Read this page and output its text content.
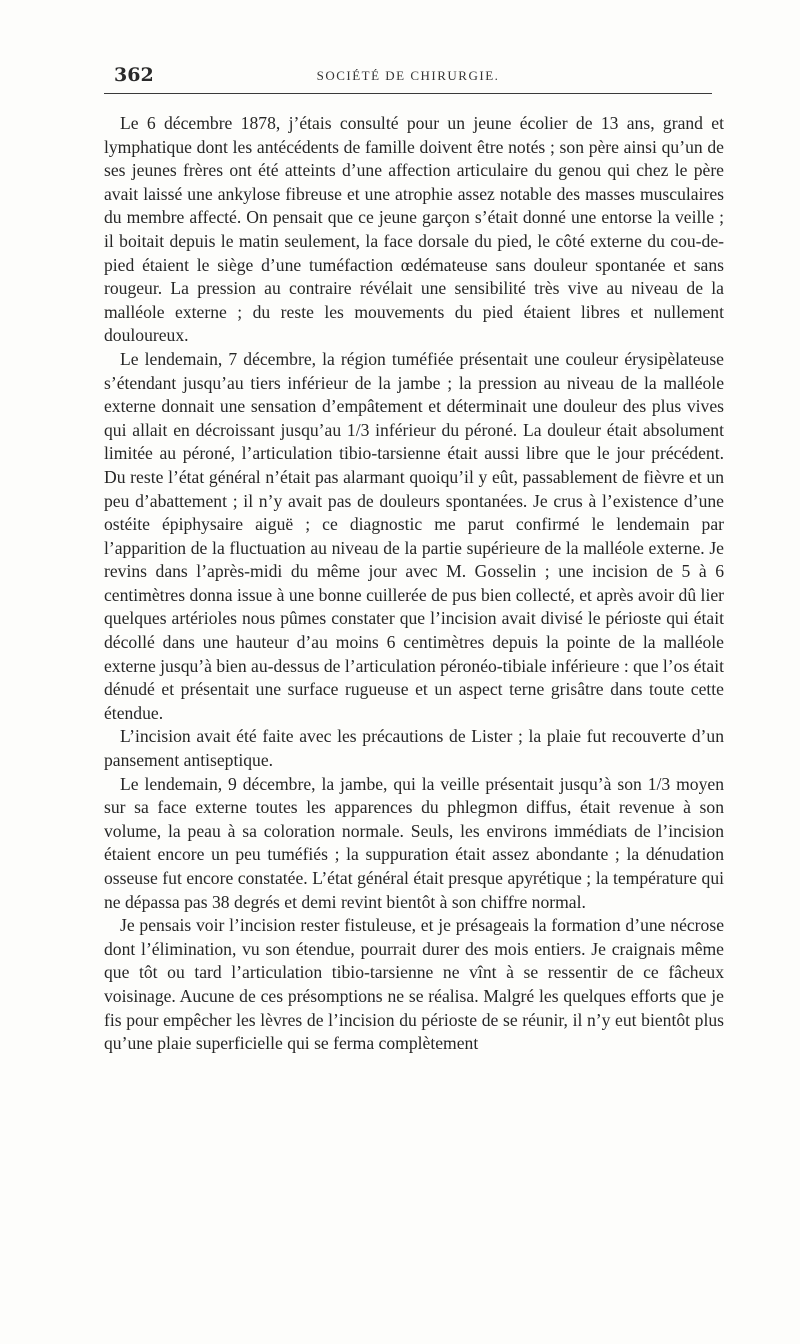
362	SOCIÉTÉ DE CHIRURGIE.

Le 6 décembre 1878, j’étais consulté pour un jeune écolier de 13 ans, grand et lymphatique dont les antécédents de famille doivent être notés ; son père ainsi qu’un de ses jeunes frères ont été atteints d’une affection articulaire du genou qui chez le père avait laissé une ankylose fibreuse et une atrophie assez notable des masses musculaires du membre affecté. On pensait que ce jeune garçon s’était donné une entorse la veille ; il boitait depuis le matin seulement, la face dorsale du pied, le côté externe du cou-de-pied étaient le siège d’une tuméfaction œdémateuse sans douleur spontanée et sans rougeur. La pression au contraire révélait une sensibilité très vive au niveau de la malléole externe ; du reste les mouvements du pied étaient libres et nullement douloureux.

Le lendemain, 7 décembre, la région tuméfiée présentait une couleur érysipèlateuse s’étendant jusqu’au tiers inférieur de la jambe ; la pression au niveau de la malléole externe donnait une sensation d’empâtement et déterminait une douleur des plus vives qui allait en décroissant jusqu’au 1/3 inférieur du péroné. La douleur était absolument limitée au péroné, l’articulation tibio-tarsienne était aussi libre que le jour précédent. Du reste l’état général n’était pas alarmant quoiqu’il y eût, passablement de fièvre et un peu d’abattement ; il n’y avait pas de douleurs spontanées. Je crus à l’existence d’une ostéite épiphysaire aiguë ; ce diagnostic me parut confirmé le lendemain par l’apparition de la fluctuation au niveau de la partie supérieure de la malléole externe. Je revins dans l’après-midi du même jour avec M. Gosselin ; une incision de 5 à 6 centimètres donna issue à une bonne cuillerée de pus bien collecté, et après avoir dû lier quelques artérioles nous pûmes constater que l’incision avait divisé le périoste qui était décollé dans une hauteur d’au moins 6 centimètres depuis la pointe de la malléole externe jusqu’à bien au-dessus de l’articulation péronéo-tibiale inférieure : que l’os était dénudé et présentait une surface rugueuse et un aspect terne grisâtre dans toute cette étendue.

L’incision avait été faite avec les précautions de Lister ; la plaie fut recouverte d’un pansement antiseptique.

Le lendemain, 9 décembre, la jambe, qui la veille présentait jusqu’à son 1/3 moyen sur sa face externe toutes les apparences du phlegmon diffus, était revenue à son volume, la peau à sa coloration normale. Seuls, les environs immédiats de l’incision étaient encore un peu tuméfiés ; la suppuration était assez abondante ; la dénudation osseuse fut encore constatée. L’état général était presque apyrétique ; la température qui ne dépassa pas 38 degrés et demi revint bientôt à son chiffre normal.

Je pensais voir l’incision rester fistuleuse, et je présageais la formation d’une nécrose dont l’élimination, vu son étendue, pourrait durer des mois entiers. Je craignais même que tôt ou tard l’articulation tibio-tarsienne ne vînt à se ressentir de ce fâcheux voisinage. Aucune de ces présomptions ne se réalisa. Malgré les quelques efforts que je fis pour empêcher les lèvres de l’incision du périoste de se réunir, il n’y eut bientôt plus qu’une plaie superficielle qui se ferma complètement
